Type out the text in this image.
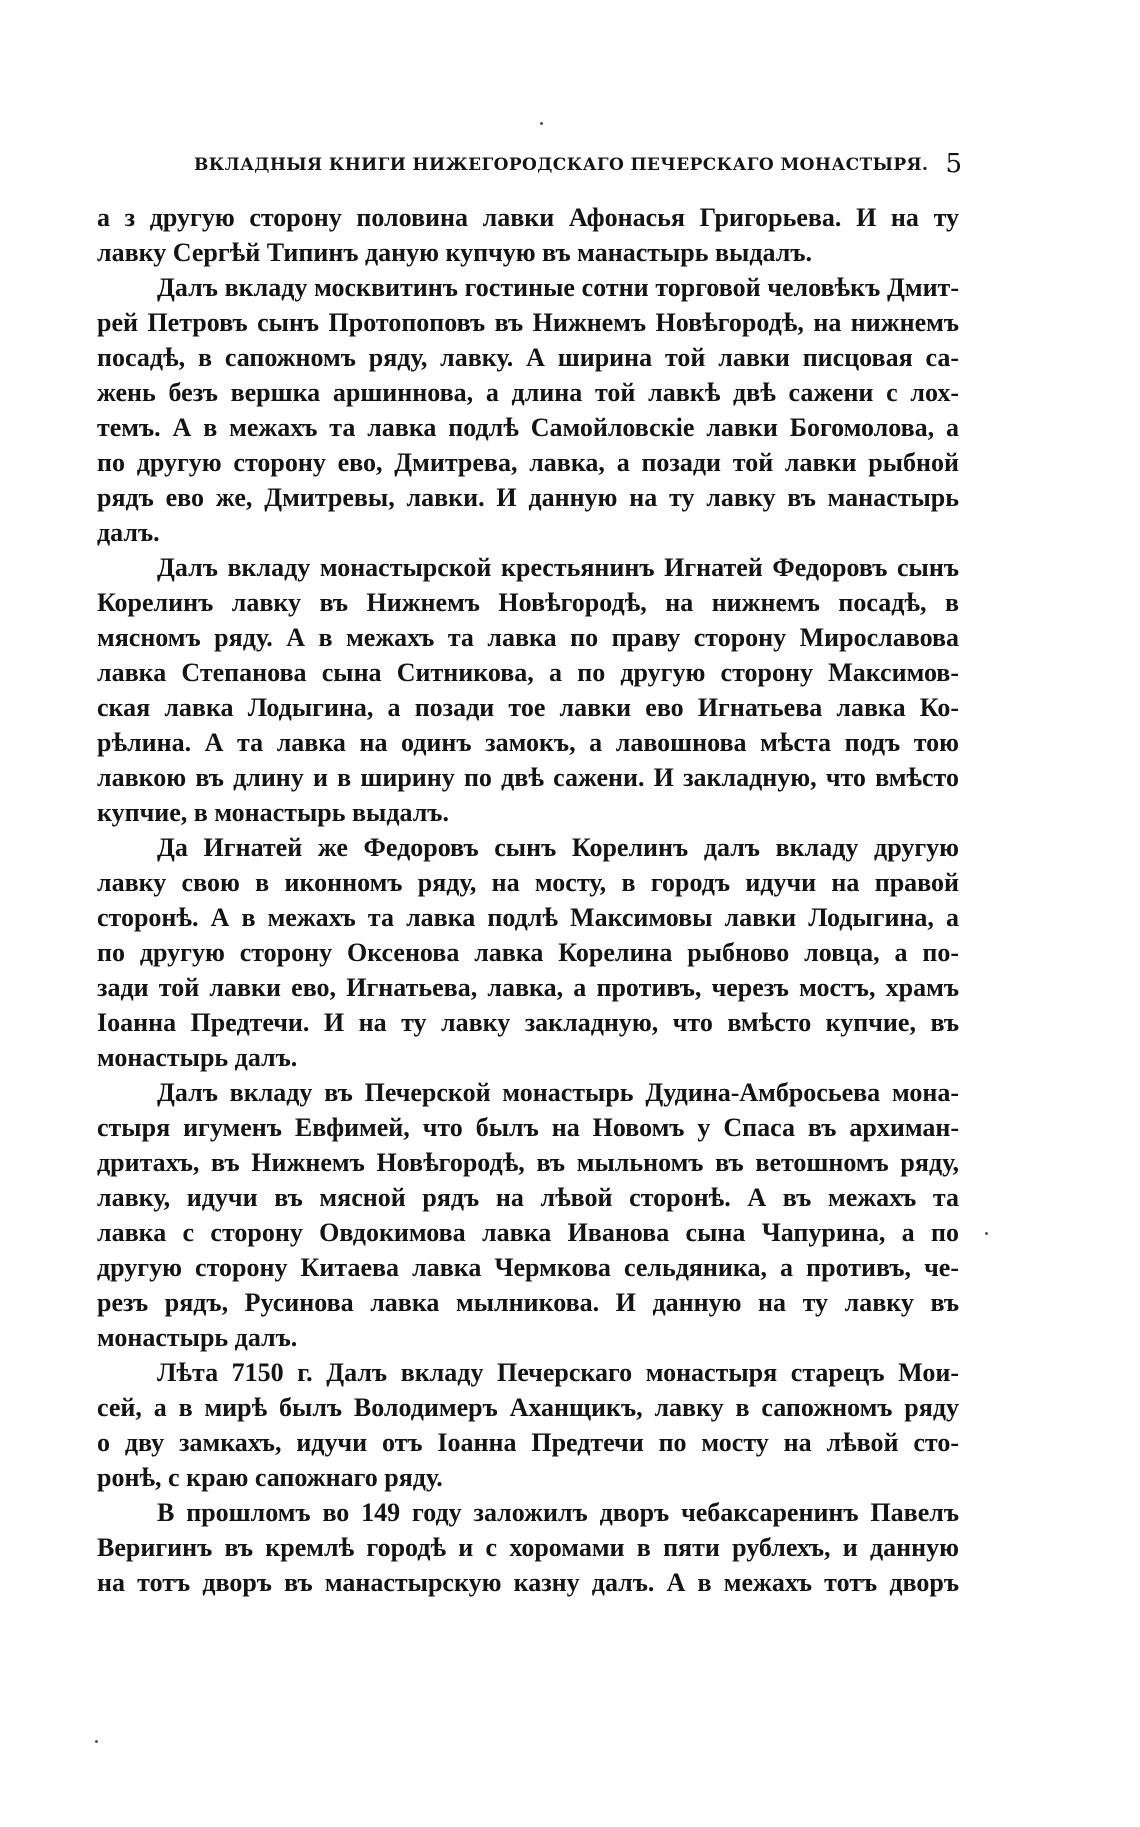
ВКЛАДНЫЯ КНИГИ НИЖЕГОРОДСКАГО ПЕЧЕРСКАГО МОНАСТЫРЯ. 5
а з другую сторону половина лавки Афонасья Григорьева. И на ту
лавку Сергѣй Типинъ даную купчую въ манастырь выдалъ.
Далъ вкладу москвитинъ гостиные сотни торговой человѣкъ Дмит-
рей Петровъ сынъ Протопоповъ въ Нижнемъ Новѣгородѣ, на нижнемъ
посадѣ, в сапожномъ ряду, лавку. А ширина той лавки писцовая са-
жень безъ вершка аршиннова, а длина той лавкѣ двѣ сажени с лох-
темъ. А в межахъ та лавка подлѣ Самойловскіе лавки Богомолова, а
по другую сторону ево, Дмитрева, лавка, а позади той лавки рыбной
рядъ ево же, Дмитревы, лавки. И данную на ту лавку въ манастырь
далъ.
Далъ вкладу монастырской крестьянинъ Игнатей Федоровъ сынъ
Корелинъ лавку въ Нижнемъ Новѣгородѣ, на нижнемъ посадѣ, в
мясномъ ряду. А в межахъ та лавка по праву сторону Мирославова
лавка Степанова сына Ситникова, а по другую сторону Максимов-
ская лавка Лодыгина, а позади тое лавки ево Игнатьева лавка Ко-
рѣлина. А та лавка на одинъ замокъ, а лавошнова мѣста подъ тою
лавкою въ длину и в ширину по двѣ сажени. И закладную, что вмѣсто
купчие, в монастырь выдалъ.
Да Игнатей же Федоровъ сынъ Корелинъ далъ вкладу другую
лавку свою в иконномъ ряду, на мосту, в городъ идучи на правой
сторонѣ. А в межахъ та лавка подлѣ Максимовы лавки Лодыгина, а
по другую сторону Оксенова лавка Корелина рыбново ловца, а по-
зади той лавки ево, Игнатьева, лавка, а противъ, черезъ мостъ, храмъ
Іоанна Предтечи. И на ту лавку закладную, что вмѣсто купчие, въ
монастырь далъ.
Далъ вкладу въ Печерской монастырь Дудина-Амбросьева мона-
стыря игуменъ Евфимей, что былъ на Новомъ у Спаса въ архиман-
дритахъ, въ Нижнемъ Новѣгородѣ, въ мыльномъ въ ветошномъ ряду,
лавку, идучи въ мясной рядъ на лѣвой сторонѣ. А въ межахъ та
лавка с сторону Овдокимова лавка Иванова сына Чапурина, а по
другую сторону Китаева лавка Чермкова сельдяника, а противъ, че-
резъ рядъ, Русинова лавка мылникова. И данную на ту лавку въ
монастырь далъ.
Лѣта 7150 г. Далъ вкладу Печерскаго монастыря старецъ Мои-
сей, а в мирѣ былъ Володимеръ Аханщикъ, лавку в сапожномъ ряду
о дву замкахъ, идучи отъ Іоанна Предтечи по мосту на лѣвой сто-
ронѣ, с краю сапожнаго ряду.
В прошломъ во 149 году заложилъ дворъ чебаксаренинъ Павелъ
Веригинъ въ кремлѣ городѣ и с хоромами в пяти рублехъ, и данную
на тотъ дворъ въ манастырскую казну далъ. А в межахъ тотъ дворъ
